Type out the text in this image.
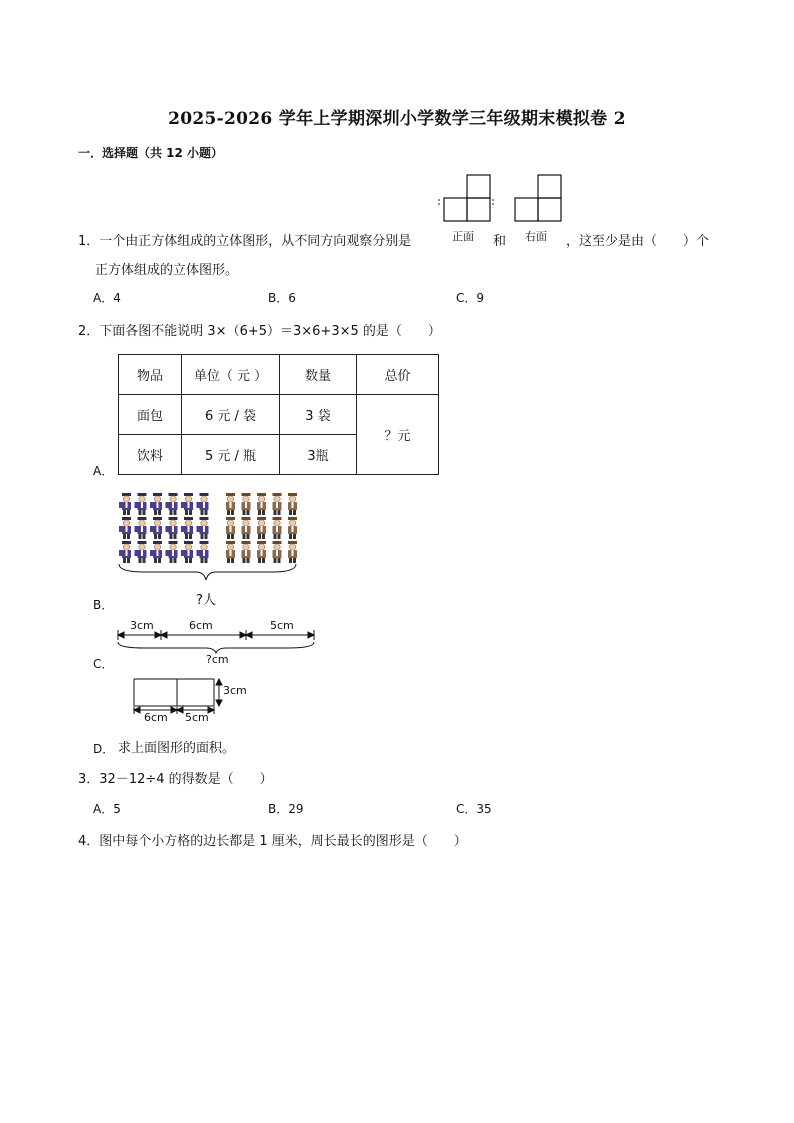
2025-2026 学年上学期深圳小学数学三年级期末模拟卷 2
一．选择题（共 12 小题）
正面	右面
1．一个由正方体组成的立体图形，从不同方向观察分别是	和	，这至少是由（　　）个
正方体组成的立体图形。
A．4	B．6	C．9
2．下面各图不能说明 3×（6+5）＝3×6+3×5 的是（　　）
物品	单位（ 元 ）	数量	总价
面包	6 元 / 袋	3 袋	？元
饮料	5 元 / 瓶	3瓶	
A．
?人
B．
3cm	6cm	5cm
?cm
C．
3cm
6cm 5cm
D． 求上面图形的面积。
3．32－12÷4 的得数是（　　）
A．5	B．29	C．35
4．图中每个小方格的边长都是 1 厘米，周长最长的图形是（　　）
